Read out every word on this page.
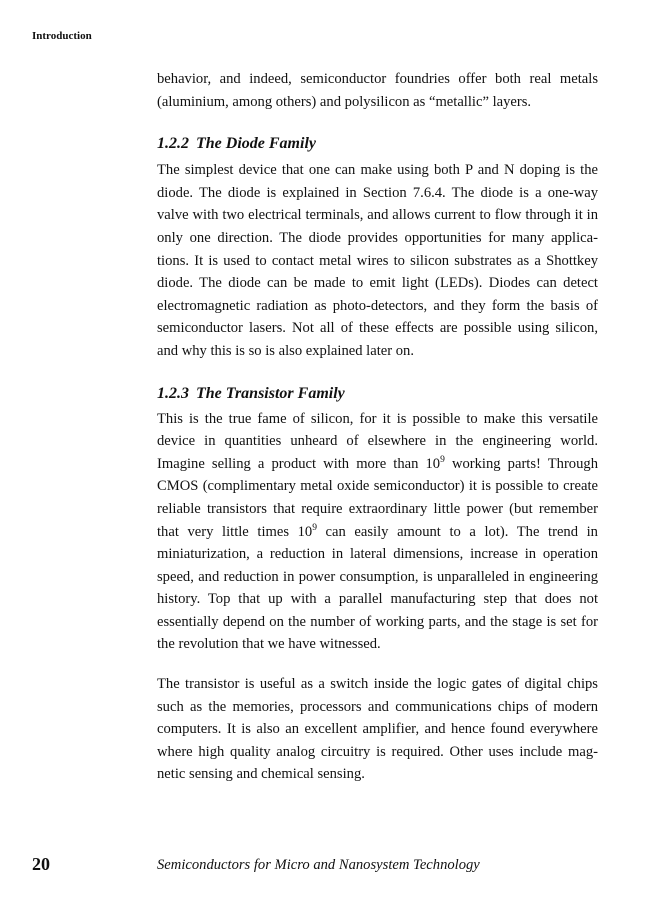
Introduction

behavior, and indeed, semiconductor foundries offer both real metals (aluminium, among others) and polysilicon as “metallic” layers.

1.2.2 The Diode Family

The simplest device that one can make using both P and N doping is the diode. The diode is explained in Section 7.6.4. The diode is a one-way valve with two electrical terminals, and allows current to flow through it in only one direction. The diode provides opportunities for many applications. It is used to contact metal wires to silicon substrates as a Shottkey diode. The diode can be made to emit light (LEDs). Diodes can detect electromagnetic radiation as photo-detectors, and they form the basis of semiconductor lasers. Not all of these effects are possible using silicon, and why this is so is also explained later on.

1.2.3 The Transistor Family

This is the true fame of silicon, for it is possible to make this versatile device in quantities unheard of elsewhere in the engineering world. Imagine selling a product with more than $10^9$ working parts! Through CMOS (complimentary metal oxide semiconductor) it is possible to create reliable transistors that require extraordinary little power (but remember that very little times $10^9$ can easily amount to a lot). The trend in miniaturization, a reduction in lateral dimensions, increase in operation speed, and reduction in power consumption, is unparalleled in engineering history. Top that up with a parallel manufacturing step that does not essentially depend on the number of working parts, and the stage is set for the revolution that we have witnessed.

The transistor is useful as a switch inside the logic gates of digital chips such as the memories, processors and communications chips of modern computers. It is also an excellent amplifier, and hence found everywhere where high quality analog circuitry is required. Other uses include magnetic sensing and chemical sensing.

20	Semiconductors for Micro and Nanosystem Technology
